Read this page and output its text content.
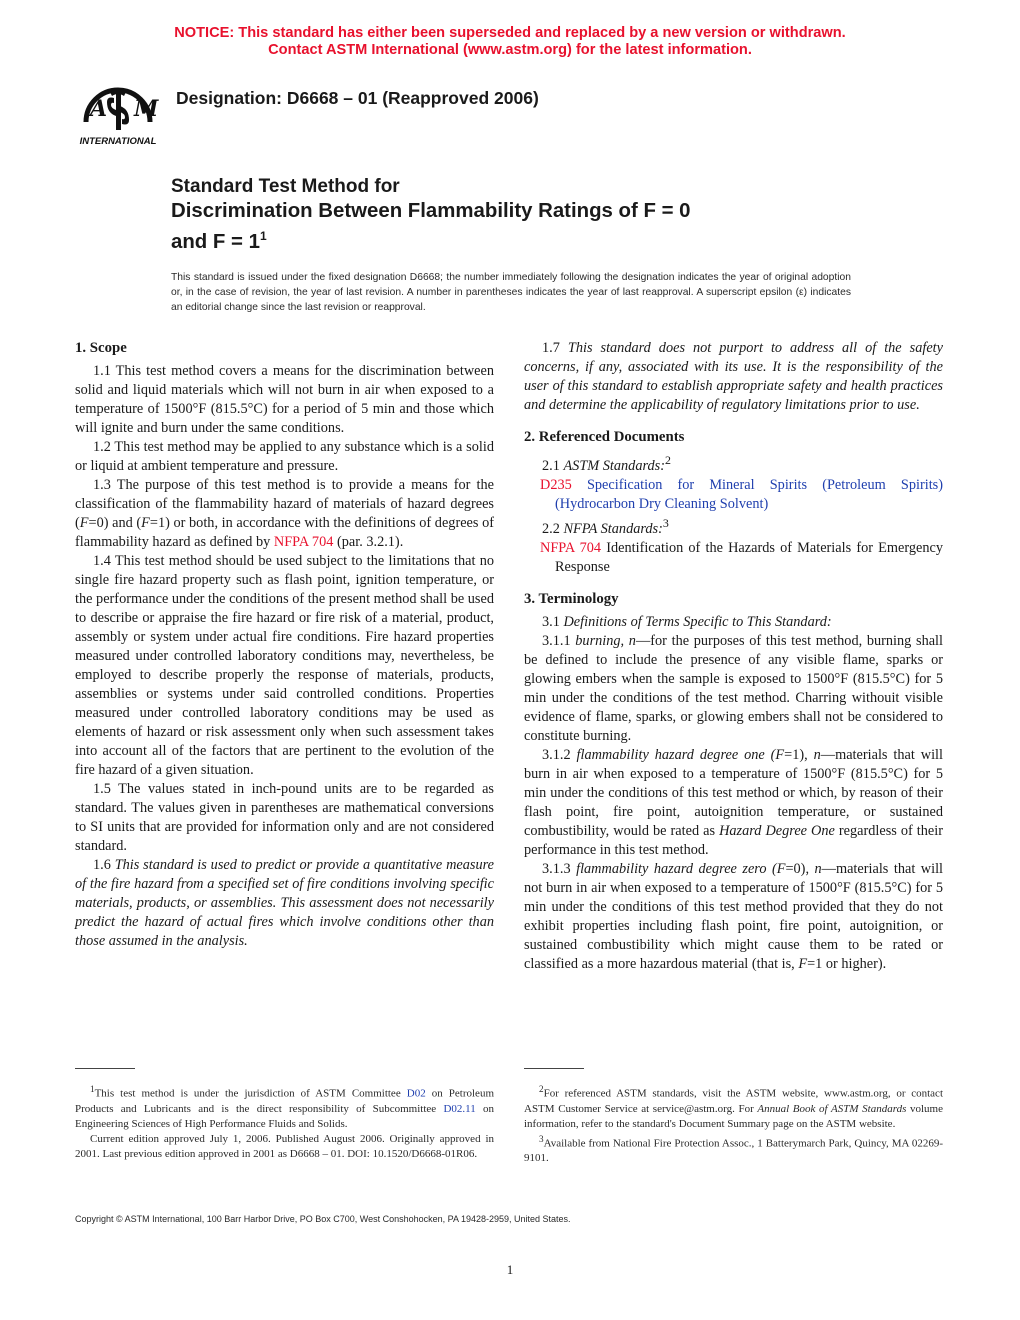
NOTICE: This standard has either been superseded and replaced by a new version or withdrawn.
Contact ASTM International (www.astm.org) for the latest information.
A M
INTERNATIONAL
Designation: D6668 – 01 (Reapproved 2006)
Standard Test Method for
Discrimination Between Flammability Ratings of F = 0
and $F = 1^1$
This standard is issued under the fixed designation D6668; the number immediately following the designation indicates the year of original adoption or, in the case of revision, the year of last revision. A number in parentheses indicates the year of last reapproval. A superscript epsilon (ε) indicates an editorial change since the last revision or reapproval.
1. Scope

1.1 This test method covers a means for the discrimination between solid and liquid materials which will not burn in air when exposed to a temperature of 1500°F (815.5°C) for a period of 5 min and those which will ignite and burn under the same conditions.

1.2 This test method may be applied to any substance which is a solid or liquid at ambient temperature and pressure.

1.3 The purpose of this test method is to provide a means for the classification of the flammability hazard of materials of hazard degrees (F=0) and (F=1) or both, in accordance with the definitions of degrees of flammability hazard as defined by NFPA 704 (par. 3.2.1).

1.4 This test method should be used subject to the limitations that no single fire hazard property such as flash point, ignition temperature, or the performance under the conditions of the present method shall be used to describe or appraise the fire hazard or fire risk of a material, product, assembly or system under actual fire conditions. Fire hazard properties measured under controlled laboratory conditions may, nevertheless, be employed to describe properly the response of materials, products, assemblies or systems under said controlled conditions. Properties measured under controlled laboratory conditions may be used as elements of hazard or risk assessment only when such assessment takes into account all of the factors that are pertinent to the evolution of the fire hazard of a given situation.

1.5 The values stated in inch-pound units are to be regarded as standard. The values given in parentheses are mathematical conversions to SI units that are provided for information only and are not considered standard.

1.6 This standard is used to predict or provide a quantitative measure of the fire hazard from a specified set of fire conditions involving specific materials, products, or assemblies. This assessment does not necessarily predict the hazard of actual fires which involve conditions other than those assumed in the analysis.

$^1$This test method is under the jurisdiction of ASTM Committee D02 on Petroleum Products and Lubricants and is the direct responsibility of Subcommittee D02.11 on Engineering Sciences of High Performance Fluids and Solids.

Current edition approved July 1, 2006. Published August 2006. Originally approved in 2001. Last previous edition approved in 2001 as D6668 – 01. DOI: 10.1520/D6668-01R06.

1.7 This standard does not purport to address all of the safety concerns, if any, associated with its use. It is the responsibility of the user of this standard to establish appropriate safety and health practices and determine the applicability of regulatory limitations prior to use.

2. Referenced Documents

2.1 ASTM Standards:$^2$

D235 Specification for Mineral Spirits (Petroleum Spirits) (Hydrocarbon Dry Cleaning Solvent)

2.2 NFPA Standards:$^3$

NFPA 704 Identification of the Hazards of Materials for Emergency Response

3. Terminology

3.1 Definitions of Terms Specific to This Standard:

3.1.1 burning, n—for the purposes of this test method, burning shall be defined to include the presence of any visible flame, sparks or glowing embers when the sample is exposed to 1500°F (815.5°C) for 5 min under the conditions of the test method. Charring withouit visible evidence of flame, sparks, or glowing embers shall not be considered to constitute burning.

3.1.2 flammability hazard degree one (F=1), n—materials that will burn in air when exposed to a temperature of 1500°F (815.5°C) for 5 min under the conditions of this test method or which, by reason of their flash point, fire point, autoignition temperature, or sustained combustibility, would be rated as Hazard Degree One regardless of their performance in this test method.

3.1.3 flammability hazard degree zero (F=0), n—materials that will not burn in air when exposed to a temperature of 1500°F (815.5°C) for 5 min under the conditions of this test method provided that they do not exhibit properties including flash point, fire point, autoignition, or sustained combustibility which might cause them to be rated or classified as a more hazardous material (that is, F=1 or higher).

$^2$For referenced ASTM standards, visit the ASTM website, www.astm.org, or contact ASTM Customer Service at service@astm.org. For Annual Book of ASTM Standards volume information, refer to the standard's Document Summary page on the ASTM website.

$^3$Available from National Fire Protection Assoc., 1 Batterymarch Park, Quincy, MA 02269-9101.

Copyright © ASTM International, 100 Barr Harbor Drive, PO Box C700, West Conshohocken, PA 19428-2959, United States.
1
